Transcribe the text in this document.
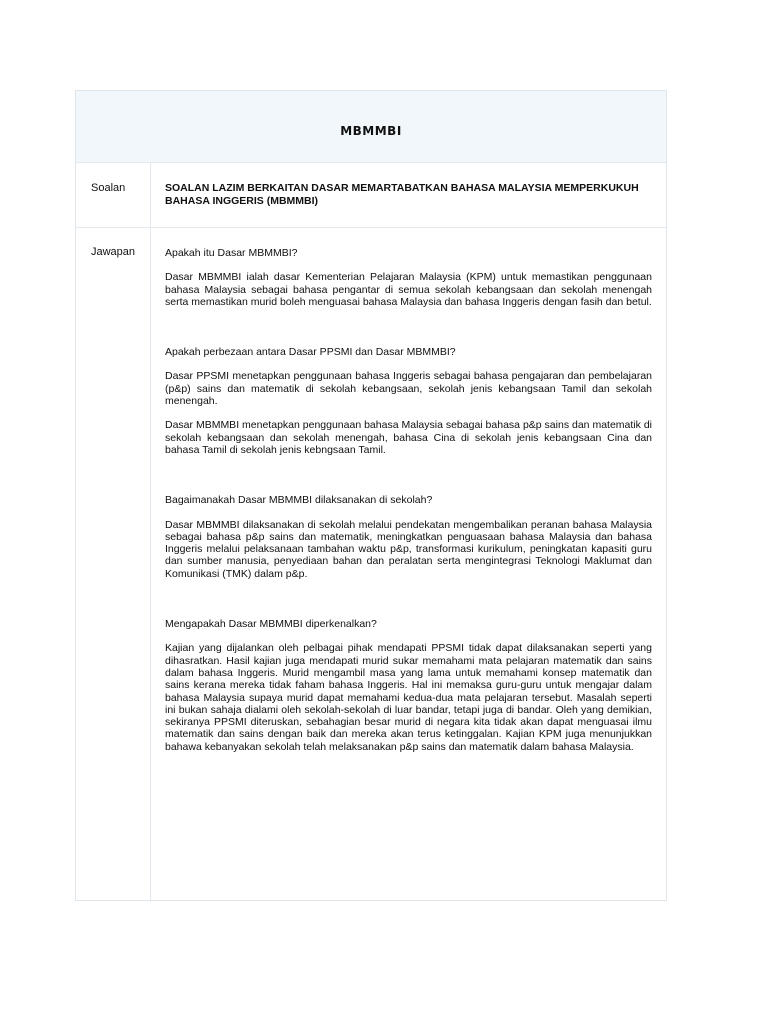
MBMMBI
Soalan	SOALAN LAZIM BERKAITAN DASAR MEMARTABATKAN BAHASA MALAYSIA MEMPERKUKUH BAHASA INGGERIS (MBMMBI)
Jawapan	Apakah itu Dasar MBMMBI?

Dasar MBMMBI ialah dasar Kementerian Pelajaran Malaysia (KPM) untuk memastikan penggunaan bahasa Malaysia sebagai bahasa pengantar di semua sekolah kebangsaan dan sekolah menengah serta memastikan murid boleh menguasai bahasa Malaysia dan bahasa Inggeris dengan fasih dan betul.

Apakah perbezaan antara Dasar PPSMI dan Dasar MBMMBI?

Dasar PPSMI menetapkan penggunaan bahasa Inggeris sebagai bahasa pengajaran dan pembelajaran (p&p) sains dan matematik di sekolah kebangsaan, sekolah jenis kebangsaan Tamil dan sekolah menengah.

Dasar MBMMBI menetapkan penggunaan bahasa Malaysia sebagai bahasa p&p sains dan matematik di sekolah kebangsaan dan sekolah menengah, bahasa Cina di sekolah jenis kebangsaan Cina dan bahasa Tamil di sekolah jenis kebngsaan Tamil.

Bagaimanakah Dasar MBMMBI dilaksanakan di sekolah?

Dasar MBMMBI dilaksanakan di sekolah melalui pendekatan mengembalikan peranan bahasa Malaysia sebagai bahasa p&p sains dan matematik, meningkatkan penguasaan bahasa Malaysia dan bahasa Inggeris melalui pelaksanaan tambahan waktu p&p, transformasi kurikulum, peningkatan kapasiti guru dan sumber manusia, penyediaan bahan dan peralatan serta mengintegrasi Teknologi Maklumat dan Komunikasi (TMK) dalam p&p.

Mengapakah Dasar MBMMBI diperkenalkan?

Kajian yang dijalankan oleh pelbagai pihak mendapati PPSMI tidak dapat dilaksanakan seperti yang dihasratkan. Hasil kajian juga mendapati murid sukar memahami mata pelajaran matematik dan sains dalam bahasa Inggeris. Murid mengambil masa yang lama untuk memahami konsep matematik dan sains kerana mereka tidak faham bahasa Inggeris. Hal ini memaksa guru-guru untuk mengajar dalam bahasa Malaysia supaya murid dapat memahami kedua-dua mata pelajaran tersebut. Masalah seperti ini bukan sahaja dialami oleh sekolah-sekolah di luar bandar, tetapi juga di bandar. Oleh yang demikian, sekiranya PPSMI diteruskan, sebahagian besar murid di negara kita tidak akan dapat menguasai ilmu matematik dan sains dengan baik dan mereka akan terus ketinggalan. Kajian KPM juga menunjukkan bahawa kebanyakan sekolah telah melaksanakan p&p sains dan matematik dalam bahasa Malaysia.
